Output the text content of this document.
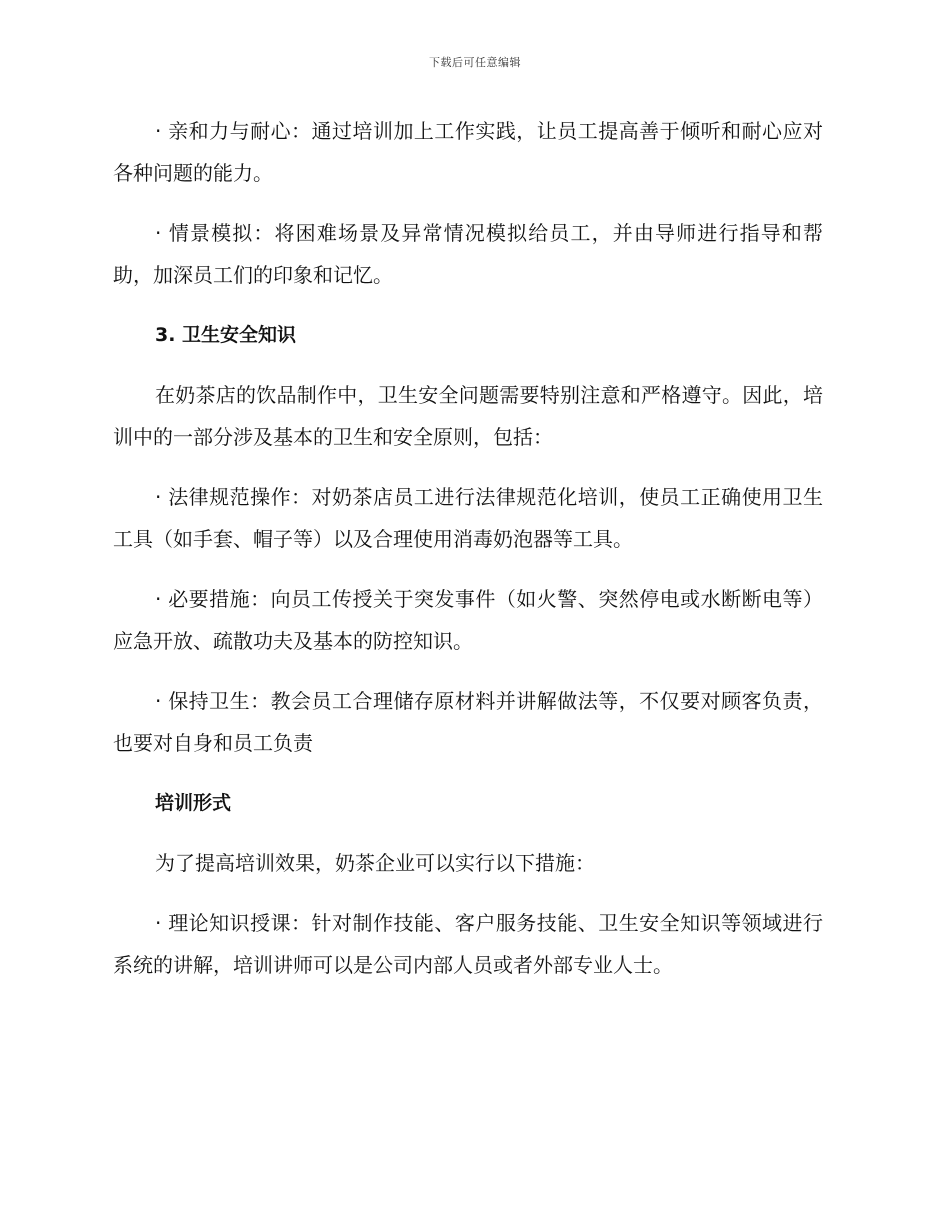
下载后可任意编辑

· 亲和力与耐心：通过培训加上工作实践，让员工提高善于倾听和耐心应对各种问题的能力。

· 情景模拟：将困难场景及异常情况模拟给员工，并由导师进行指导和帮助，加深员工们的印象和记忆。

3. 卫生安全知识

在奶茶店的饮品制作中，卫生安全问题需要特别注意和严格遵守。因此，培训中的一部分涉及基本的卫生和安全原则，包括：

· 法律规范操作：对奶茶店员工进行法律规范化培训，使员工正确使用卫生工具（如手套、帽子等）以及合理使用消毒奶泡器等工具。

· 必要措施：向员工传授关于突发事件（如火警、突然停电或水断断电等）应急开放、疏散功夫及基本的防控知识。

· 保持卫生：教会员工合理储存原材料并讲解做法等，不仅要对顾客负责，也要对自身和员工负责

培训形式

为了提高培训效果，奶茶企业可以实行以下措施：

· 理论知识授课：针对制作技能、客户服务技能、卫生安全知识等领域进行系统的讲解，培训讲师可以是公司内部人员或者外部专业人士。
